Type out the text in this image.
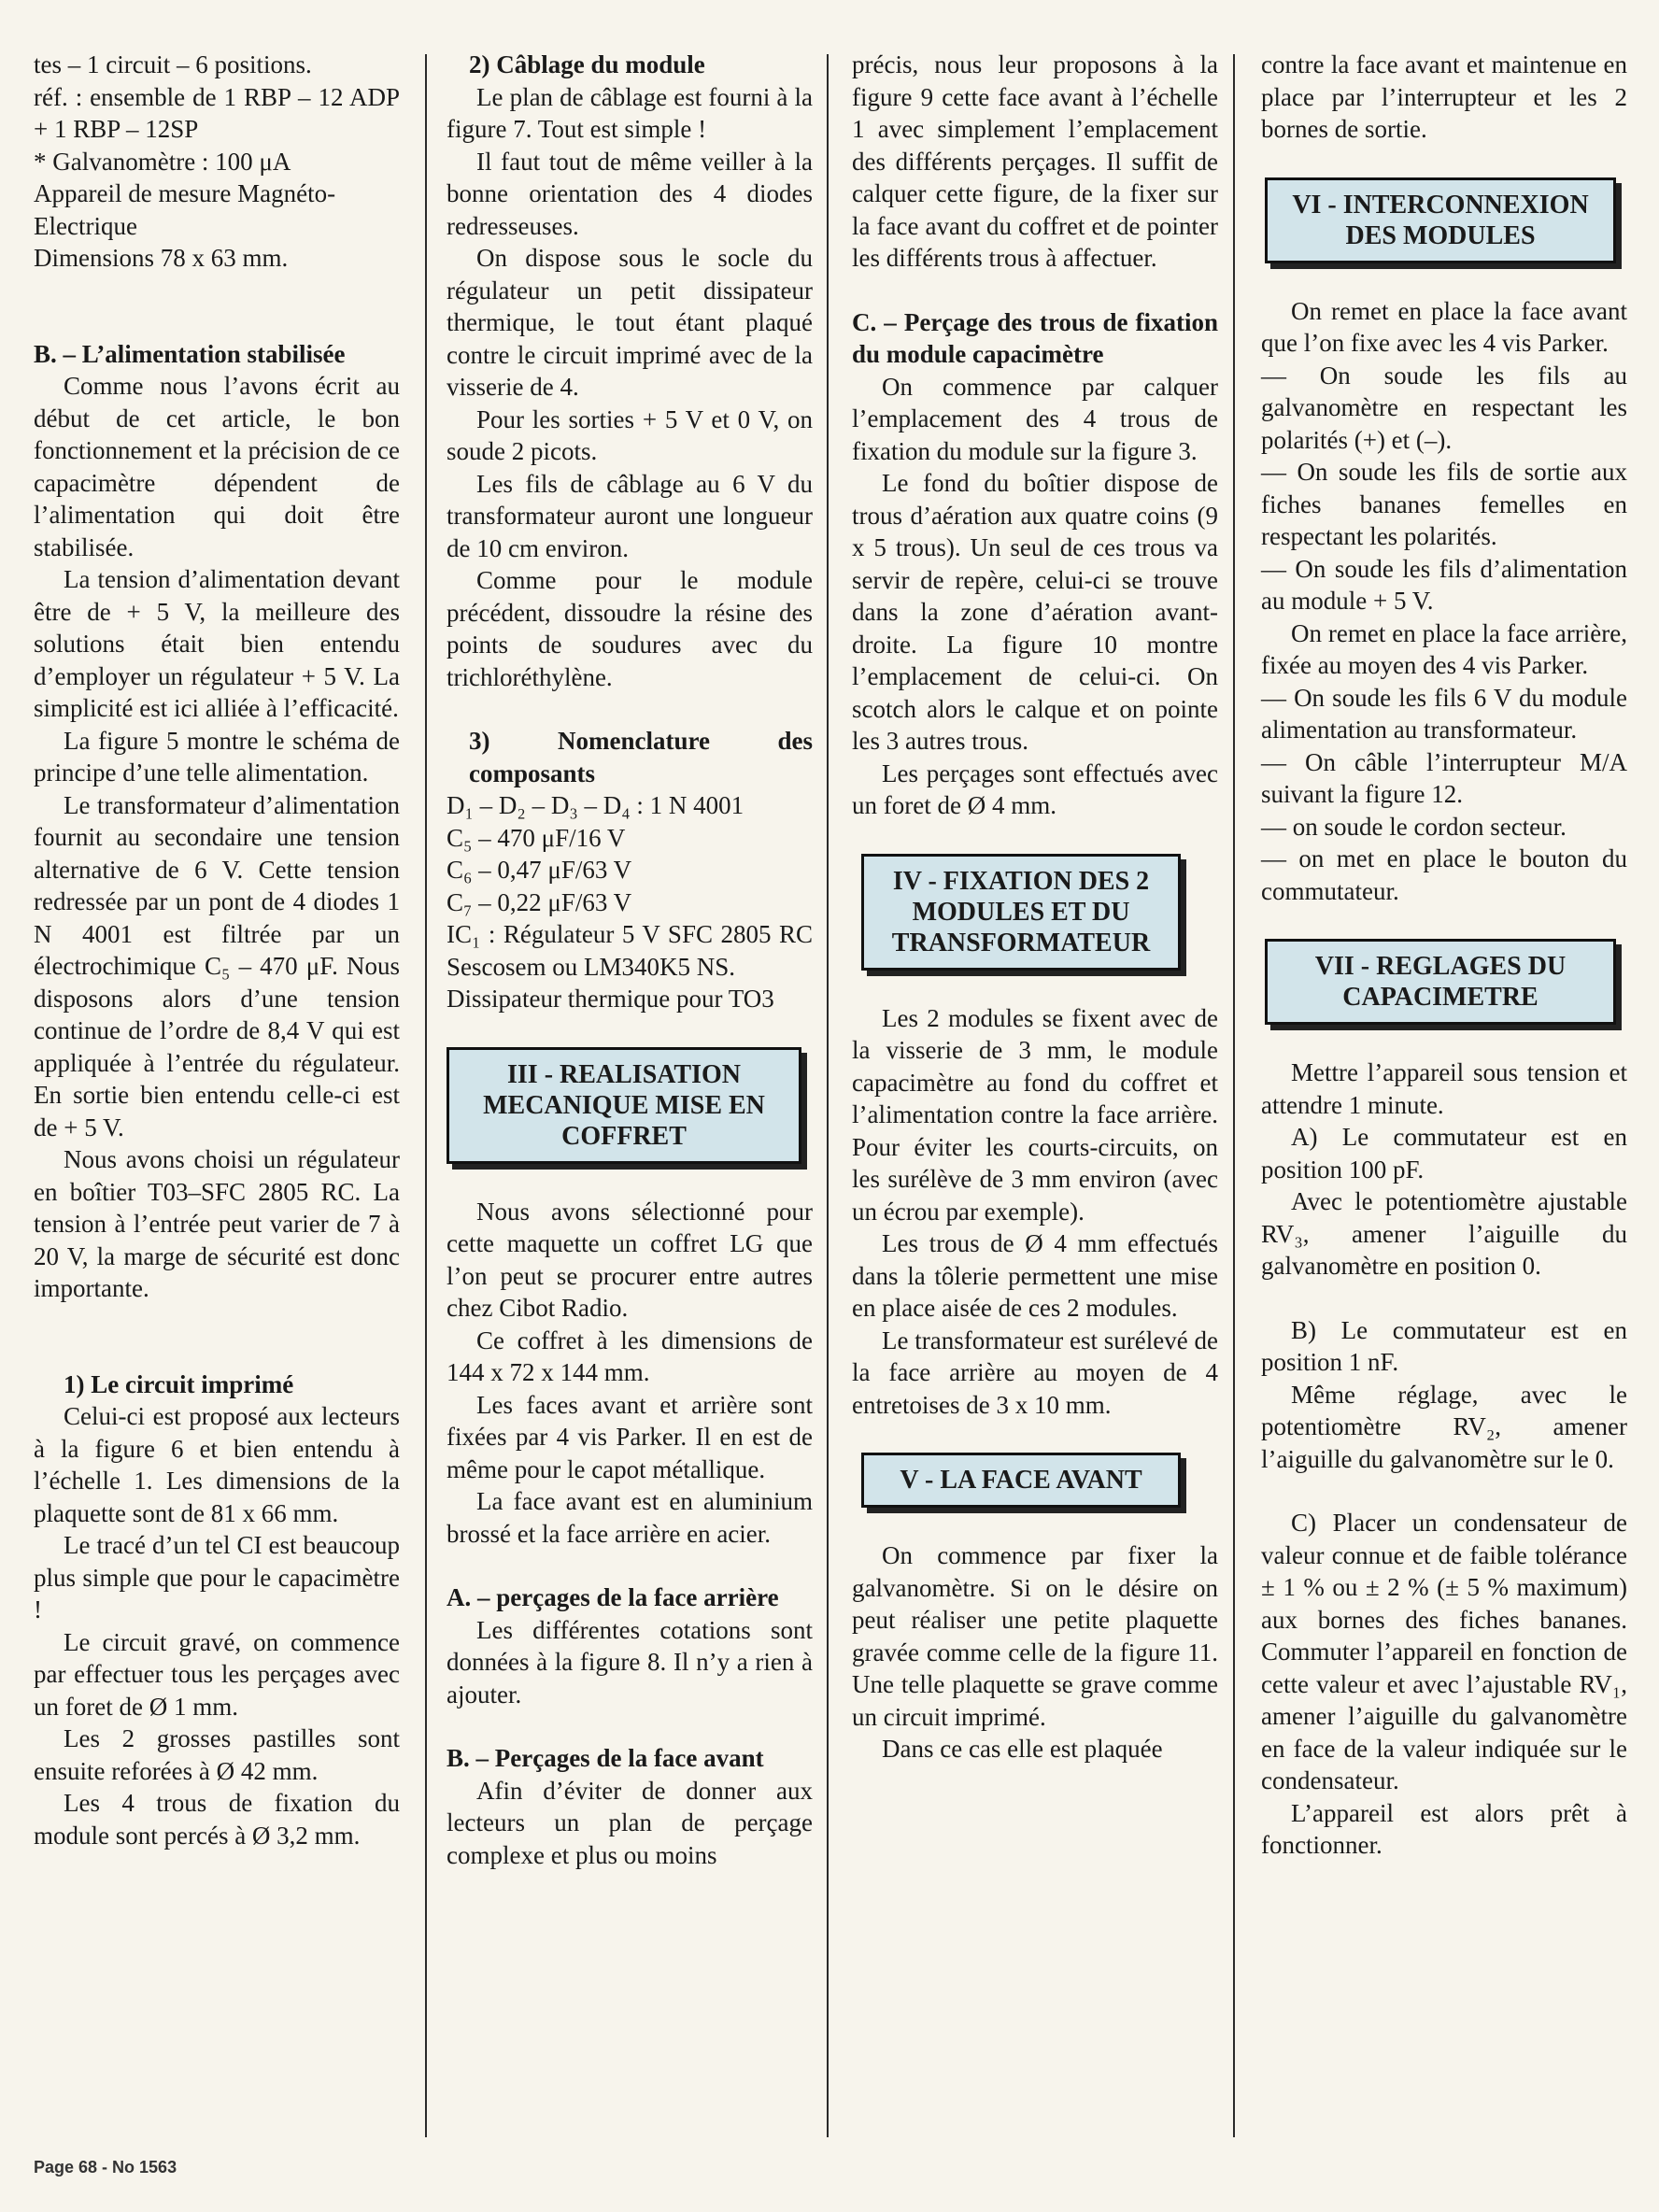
tes – 1 circuit – 6 positions.

réf. : ensemble de 1 RBP – 12 ADP + 1 RBP – 12SP

* Galvanomètre : 100 μA

Appareil de mesure Magnéto-Electrique

Dimensions 78 x 63 mm.

B. – L’alimentation stabilisée

Comme nous l’avons écrit au début de cet article, le bon fonctionnement et la précision de ce capacimètre dépendent de l’alimentation qui doit être stabilisée.

La tension d’alimentation devant être de + 5 V, la meilleure des solutions était bien entendu d’employer un régulateur + 5 V. La simplicité est ici alliée à l’efficacité.

La figure 5 montre le schéma de principe d’une telle alimentation.

Le transformateur d’alimentation fournit au secondaire une tension alternative de 6 V. Cette tension redressée par un pont de 4 diodes 1 N 4001 est filtrée par un électrochimique C₅ – 470 μF. Nous disposons alors d’une tension continue de l’ordre de 8,4 V qui est appliquée à l’entrée du régulateur. En sortie bien entendu celle-ci est de + 5 V.

Nous avons choisi un régulateur en boîtier T03–SFC 2805 RC. La tension à l’entrée peut varier de 7 à 20 V, la marge de sécurité est donc importante.

1) Le circuit imprimé

Celui-ci est proposé aux lecteurs à la figure 6 et bien entendu à l’échelle 1. Les dimensions de la plaquette sont de 81 x 66 mm.

Le tracé d’un tel CI est beaucoup plus simple que pour le capacimètre !

Le circuit gravé, on commence par effectuer tous les perçages avec un foret de Ø 1 mm.

Les 2 grosses pastilles sont ensuite reforées à Ø 42 mm.

Les 4 trous de fixation du module sont percés à Ø 3,2 mm.

2) Câblage du module

Le plan de câblage est fourni à la figure 7. Tout est simple !

Il faut tout de même veiller à la bonne orientation des 4 diodes redresseuses.

On dispose sous le socle du régulateur un petit dissipateur thermique, le tout étant plaqué contre le circuit imprimé avec de la visserie de 4.

Pour les sorties + 5 V et 0 V, on soude 2 picots.

Les fils de câblage au 6 V du transformateur auront une longueur de 10 cm environ.

Comme pour le module précédent, dissoudre la résine des points de soudures avec du trichloréthylène.

3) Nomenclature des composants

D₁ – D₂ – D₃ – D₄ : 1 N 4001

C₅ – 470 μF/16 V

C₆ – 0,47 μF/63 V

C₇ – 0,22 μF/63 V

IC₁ : Régulateur 5 V SFC 2805 RC Sescosem ou LM340K5 NS.

Dissipateur thermique pour TO3

III - REALISATION MECANIQUE MISE EN COFFRET

Nous avons sélectionné pour cette maquette un coffret LG que l’on peut se procurer entre autres chez Cibot Radio.

Ce coffret à les dimensions de 144 x 72 x 144 mm.

Les faces avant et arrière sont fixées par 4 vis Parker. Il en est de même pour le capot métallique.

La face avant est en aluminium brossé et la face arrière en acier.

A. – perçages de la face arrière

Les différentes cotations sont données à la figure 8. Il n’y a rien à ajouter.

B. – Perçages de la face avant

Afin d’éviter de donner aux lecteurs un plan de perçage complexe et plus ou moins

précis, nous leur proposons à la figure 9 cette face avant à l’échelle 1 avec simplement l’emplacement des différents perçages. Il suffit de calquer cette figure, de la fixer sur la face avant du coffret et de pointer les différents trous à affectuer.

C. – Perçage des trous de fixation du module capacimètre

On commence par calquer l’emplacement des 4 trous de fixation du module sur la figure 3.

Le fond du boîtier dispose de trous d’aération aux quatre coins (9 x 5 trous). Un seul de ces trous va servir de repère, celui-ci se trouve dans la zone d’aération avant-droite. La figure 10 montre l’emplacement de celui-ci. On scotch alors le calque et on pointe les 3 autres trous.

Les perçages sont effectués avec un foret de Ø 4 mm.

IV - FIXATION DES 2 MODULES ET DU TRANSFORMATEUR

Les 2 modules se fixent avec de la visserie de 3 mm, le module capacimètre au fond du coffret et l’alimentation contre la face arrière. Pour éviter les courts-circuits, on les surélève de 3 mm environ (avec un écrou par exemple).

Les trous de Ø 4 mm effectués dans la tôlerie permettent une mise en place aisée de ces 2 modules.

Le transformateur est surélevé de la face arrière au moyen de 4 entretoises de 3 x 10 mm.

V - LA FACE AVANT

On commence par fixer la galvanomètre. Si on le désire on peut réaliser une petite plaquette gravée comme celle de la figure 11. Une telle plaquette se grave comme un circuit imprimé.

Dans ce cas elle est plaquée

contre la face avant et maintenue en place par l’interrupteur et les 2 bornes de sortie.

VI - INTERCONNEXION DES MODULES

On remet en place la face avant que l’on fixe avec les 4 vis Parker.

— On soude les fils au galvanomètre en respectant les polarités (+) et (–).

— On soude les fils de sortie aux fiches bananes femelles en respectant les polarités.

— On soude les fils d’alimentation au module + 5 V.

On remet en place la face arrière, fixée au moyen des 4 vis Parker.

— On soude les fils 6 V du module alimentation au transformateur.

— On câble l’interrupteur M/A suivant la figure 12.

— on soude le cordon secteur.

— on met en place le bouton du commutateur.

VII - REGLAGES DU CAPACIMETRE

Mettre l’appareil sous tension et attendre 1 minute.

A) Le commutateur est en position 100 pF.

Avec le potentiomètre ajustable RV₃, amener l’aiguille du galvanomètre en position 0.

B) Le commutateur est en position 1 nF.

Même réglage, avec le potentiomètre RV₂, amener l’aiguille du galvanomètre sur le 0.

C) Placer un condensateur de valeur connue et de faible tolérance ± 1 % ou ± 2 % (± 5 % maximum) aux bornes des fiches bananes. Commuter l’appareil en fonction de cette valeur et avec l’ajustable RV₁, amener l’aiguille du galvanomètre en face de la valeur indiquée sur le condensateur.

L’appareil est alors prêt à fonctionner.

Page 68 - No 1563
